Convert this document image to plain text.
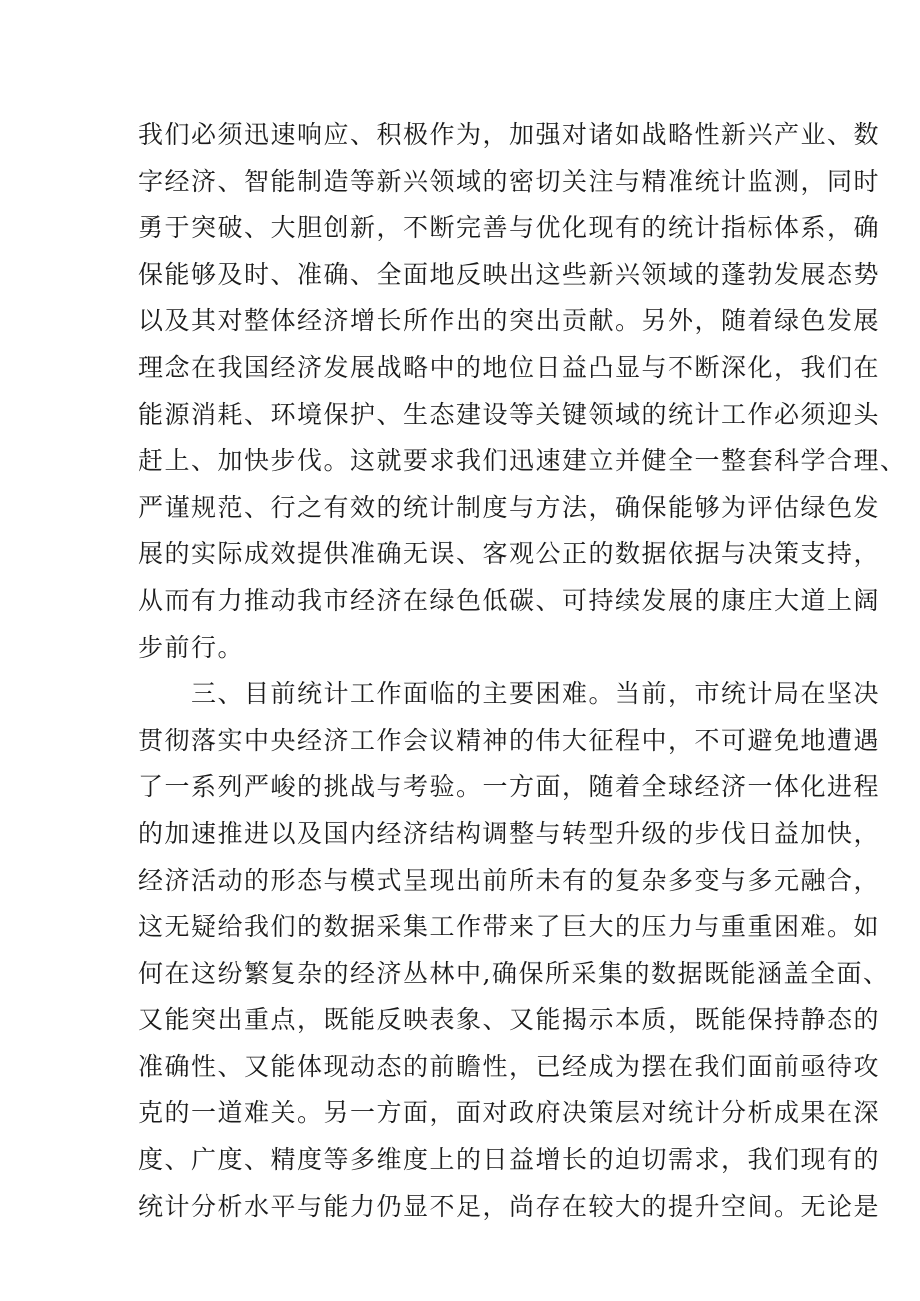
我们必须迅速响应、积极作为，加强对诸如战略性新兴产业、数
字经济、智能制造等新兴领域的密切关注与精准统计监测，同时
勇于突破、大胆创新，不断完善与优化现有的统计指标体系，确
保能够及时、准确、全面地反映出这些新兴领域的蓬勃发展态势
以及其对整体经济增长所作出的突出贡献。另外，随着绿色发展
理念在我国经济发展战略中的地位日益凸显与不断深化，我们在
能源消耗、环境保护、生态建设等关键领域的统计工作必须迎头
赶上、加快步伐。这就要求我们迅速建立并健全一整套科学合理、
严谨规范、行之有效的统计制度与方法，确保能够为评估绿色发
展的实际成效提供准确无误、客观公正的数据依据与决策支持，
从而有力推动我市经济在绿色低碳、可持续发展的康庄大道上阔
步前行。
　　三、目前统计工作面临的主要困难。当前，市统计局在坚决
贯彻落实中央经济工作会议精神的伟大征程中，不可避免地遭遇
了一系列严峻的挑战与考验。一方面，随着全球经济一体化进程
的加速推进以及国内经济结构调整与转型升级的步伐日益加快，
经济活动的形态与模式呈现出前所未有的复杂多变与多元融合，
这无疑给我们的数据采集工作带来了巨大的压力与重重困难。如
何在这纷繁复杂的经济丛林中,确保所采集的数据既能涵盖全面、
又能突出重点，既能反映表象、又能揭示本质，既能保持静态的
准确性、又能体现动态的前瞻性，已经成为摆在我们面前亟待攻
克的一道难关。另一方面，面对政府决策层对统计分析成果在深
度、广度、精度等多维度上的日益增长的迫切需求，我们现有的
统计分析水平与能力仍显不足，尚存在较大的提升空间。无论是
